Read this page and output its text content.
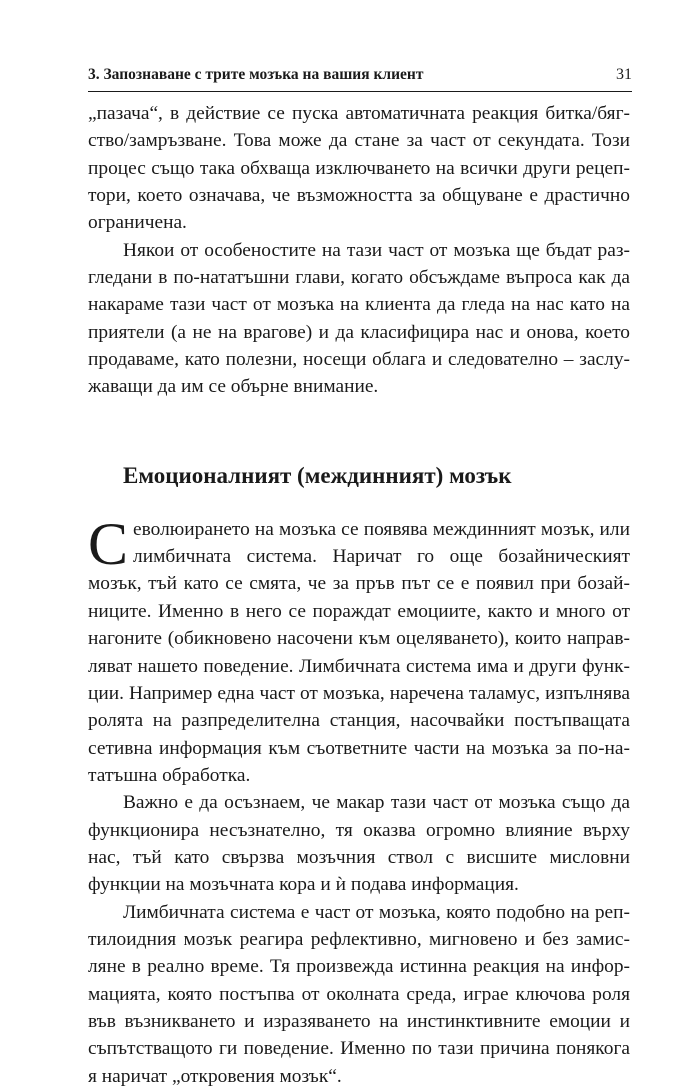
3. Запознаване с трите мозъка на вашия клиент	31

„пазача“, в действие се пуска автоматичната реакция битка/бягство/замръзване. Това може да стане за част от секундата. Този процес също така обхваща изключването на всички други рецептори, което означава, че възможността за общуване е драстично ограничена.

Някои от особеностите на тази част от мозъка ще бъдат разгледани в по-нататъшни глави, когато обсъждаме въпроса как да накараме тази част от мозъка на клиента да гледа на нас като на приятели (а не на врагове) и да класифицира нас и онова, което продаваме, като полезни, носещи облага и следователно – заслужаващи да им се обърне внимание.

Емоционалният (междинният) мозък

Севолюирането на мозъка се появява междинният мозък, или лимбичната система. Наричат го още бозайническият мозък, тъй като се смята, че за пръв път се е появил при бозайниците. Именно в него се пораждат емоциите, както и много от нагоните (обикновено насочени към оцеляването), които направляват нашето поведение. Лимбичната система има и други функции. Например една част от мозъка, наречена таламус, изпълнява ролята на разпределителна станция, насочвайки постъпващата сетивна информация към съответните части на мозъка за по-нататъшна обработка.

Важно е да осъзнаем, че макар тази част от мозъка също да функционира несъзнателно, тя оказва огромно влияние върху нас, тъй като свързва мозъчния ствол с висшите мисловни функции на мозъчната кора и ѝ подава информация.

Лимбичната система е част от мозъка, която подобно на рептилоидния мозък реагира рефлективно, мигновено и без замисляне в реално време. Тя произвежда истинна реакция на информацията, която постъпва от околната среда, играе ключова роля във възникването и изразяването на инстинктивните емоции и съпътстващото ги поведение. Именно по тази причина понякога я наричат „откровения мозък“.
